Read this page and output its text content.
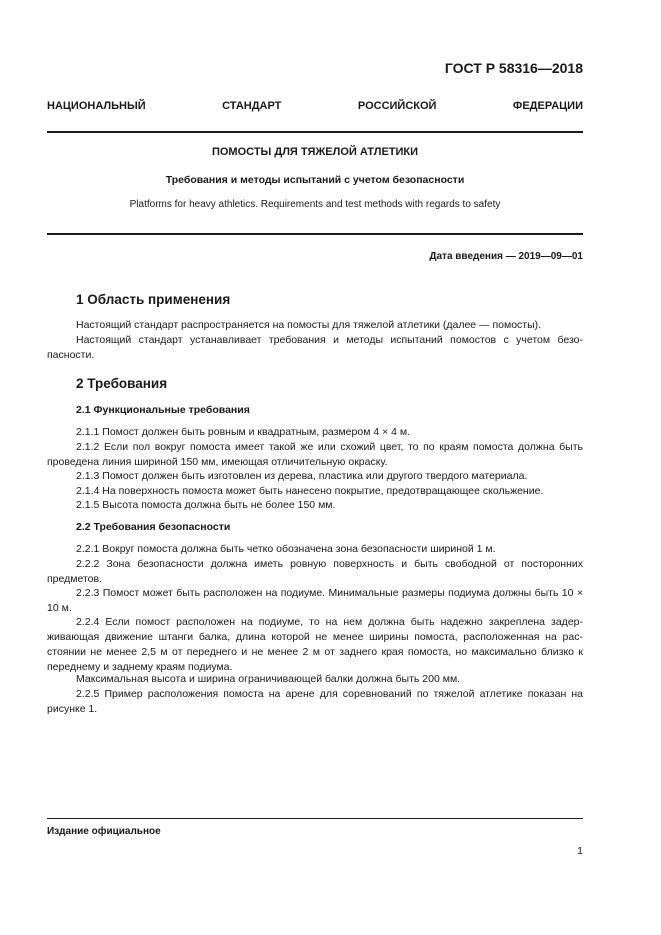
ГОСТ Р 58316—2018
НАЦИОНАЛЬНЫЙ СТАНДАРТ РОССИЙСКОЙ ФЕДЕРАЦИИ
ПОМОСТЫ ДЛЯ ТЯЖЕЛОЙ АТЛЕТИКИ
Требования и методы испытаний с учетом безопасности
Platforms for heavy athletics. Requirements and test methods with regards to safety
Дата введения — 2019—09—01
1 Область применения
Настоящий стандарт распространяется на помосты для тяжелой атлетики (далее — помосты).
Настоящий стандарт устанавливает требования и методы испытаний помостов с учетом безо-пасности.
2 Требования
2.1 Функциональные требования
2.1.1 Помост должен быть ровным и квадратным, размером 4 × 4 м.
2.1.2 Если пол вокруг помоста имеет такой же или схожий цвет, то по краям помоста должна быть проведена линия шириной 150 мм, имеющая отличительную окраску.
2.1.3 Помост должен быть изготовлен из дерева, пластика или другого твердого материала.
2.1.4 На поверхность помоста может быть нанесено покрытие, предотвращающее скольжение.
2.1.5 Высота помоста должна быть не более 150 мм.
2.2 Требования безопасности
2.2.1 Вокруг помоста должна быть четко обозначена зона безопасности шириной 1 м.
2.2.2 Зона безопасности должна иметь ровную поверхность и быть свободной от посторонних предметов.
2.2.3 Помост может быть расположен на подиуме. Минимальные размеры подиума должны быть 10 × 10 м.
2.2.4 Если помост расположен на подиуме, то на нем должна быть надежно закреплена задер-живающая движение штанги балка, длина которой не менее ширины помоста, расположенная на рас-стоянии не менее 2,5 м от переднего и не менее 2 м от заднего края помоста, но максимально близко к переднему и заднему краям подиума.
Максимальная высота и ширина ограничивающей балки должна быть 200 мм.
2.2.5 Пример расположения помоста на арене для соревнований по тяжелой атлетике показан на рисунке 1.
Издание официальное
1
